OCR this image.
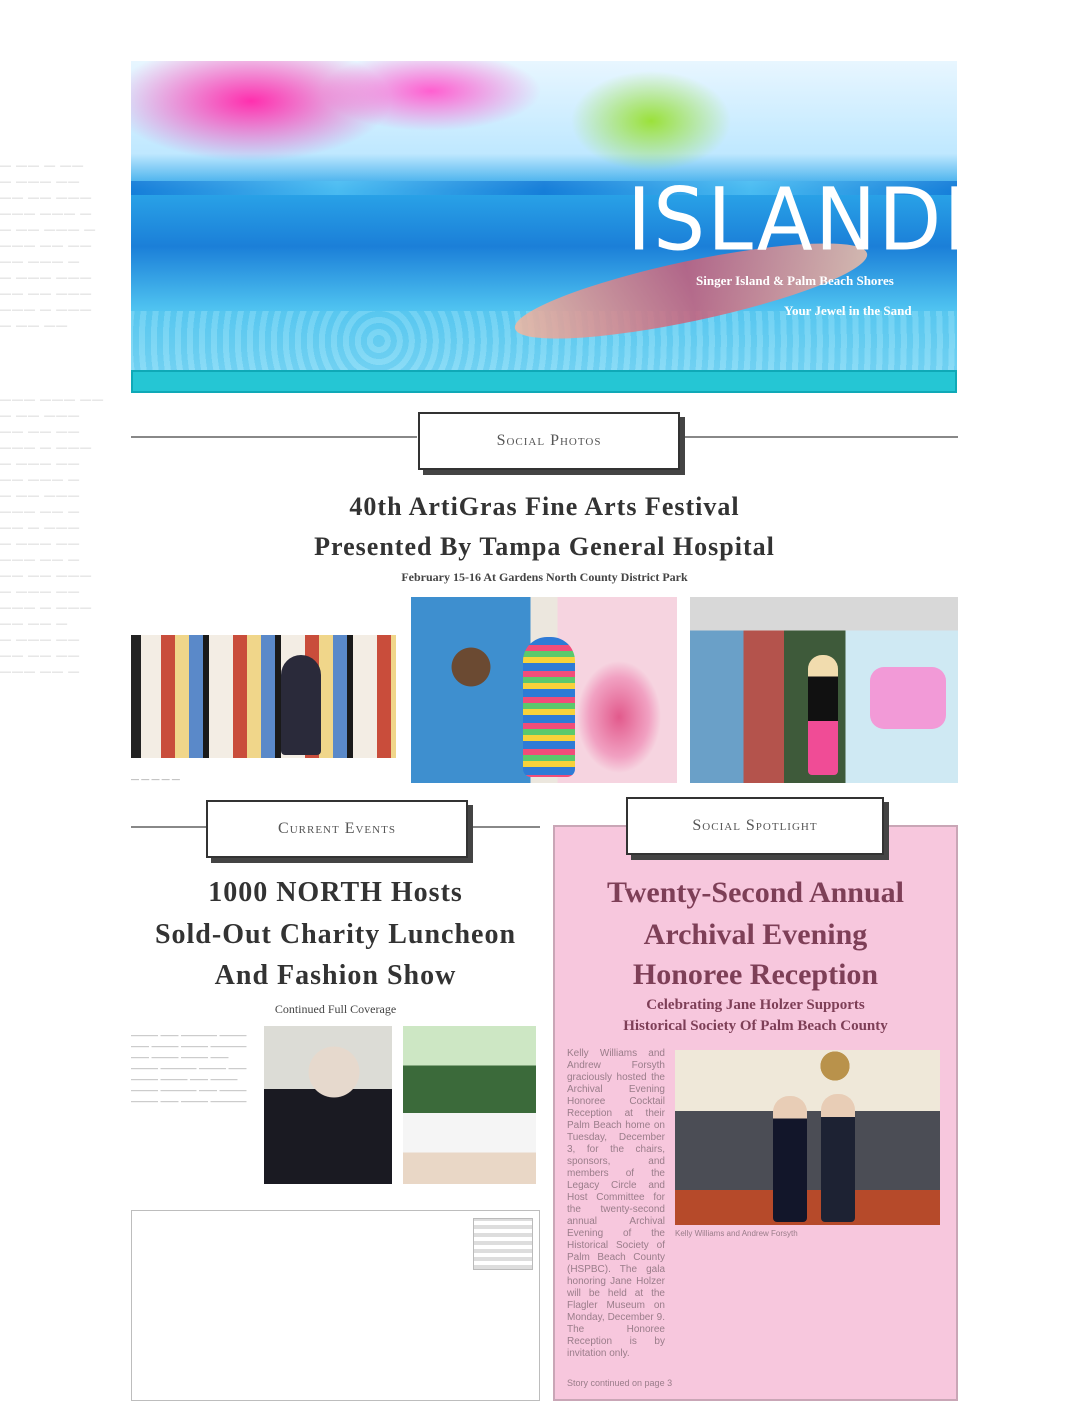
— —— — ——
— ——— ——
—— —— ———
——— ——— —
— —— ——— —
——— —— ——
—— ——— —
— ——— ———
—— —— ———
——— — ———
— —— ——
——— ——— ——
— —— ———
—— —— ——
——— — ———
— ——— ——
—— ——— —
— —— ———
——— —— —
—— — ———
— ——— ——
——— —— —
—— —— ———
— ——— ——
——— — ———
—— —— —
— ——— ——
—— —— ——
——— —— —
ISLANDER
Singer Island & Palm Beach Shores
Your Jewel in the Sand
Social Photos
40th ArtiGras Fine Arts Festival
Presented By Tampa General Hospital
February 15-16 At Gardens North County District Park
— — — — —
Current Events
1000 NORTH Hosts
Sold-Out Charity Luncheon
And Fashion Show
Continued Full Coverage
——— —— ———— ——— —— ——— ——— ———— —— ——— ——— —— ——— ———— ——— —— ——— ——— —— ——— ——— ———— —— ——— ——— —— ——— ————
Social Spotlight
Twenty-Second Annual
Archival Evening
Honoree Reception
Celebrating Jane Holzer Supports
Historical Society Of Palm Beach County
Kelly Williams and Andrew Forsyth graciously hosted the Archival Evening Honoree Cocktail Reception at their Palm Beach home on Tuesday, December 3, for the chairs, sponsors, and members of the Legacy Circle and Host Committee for the twenty-second annual Archival Evening of the Historical Society of Palm Beach County (HSPBC). The gala honoring Jane Holzer will be held at the Flagler Museum on Monday, December 9. The Honoree Reception is by invitation only.
Kelly Williams and Andrew Forsyth
Story continued on page 3
